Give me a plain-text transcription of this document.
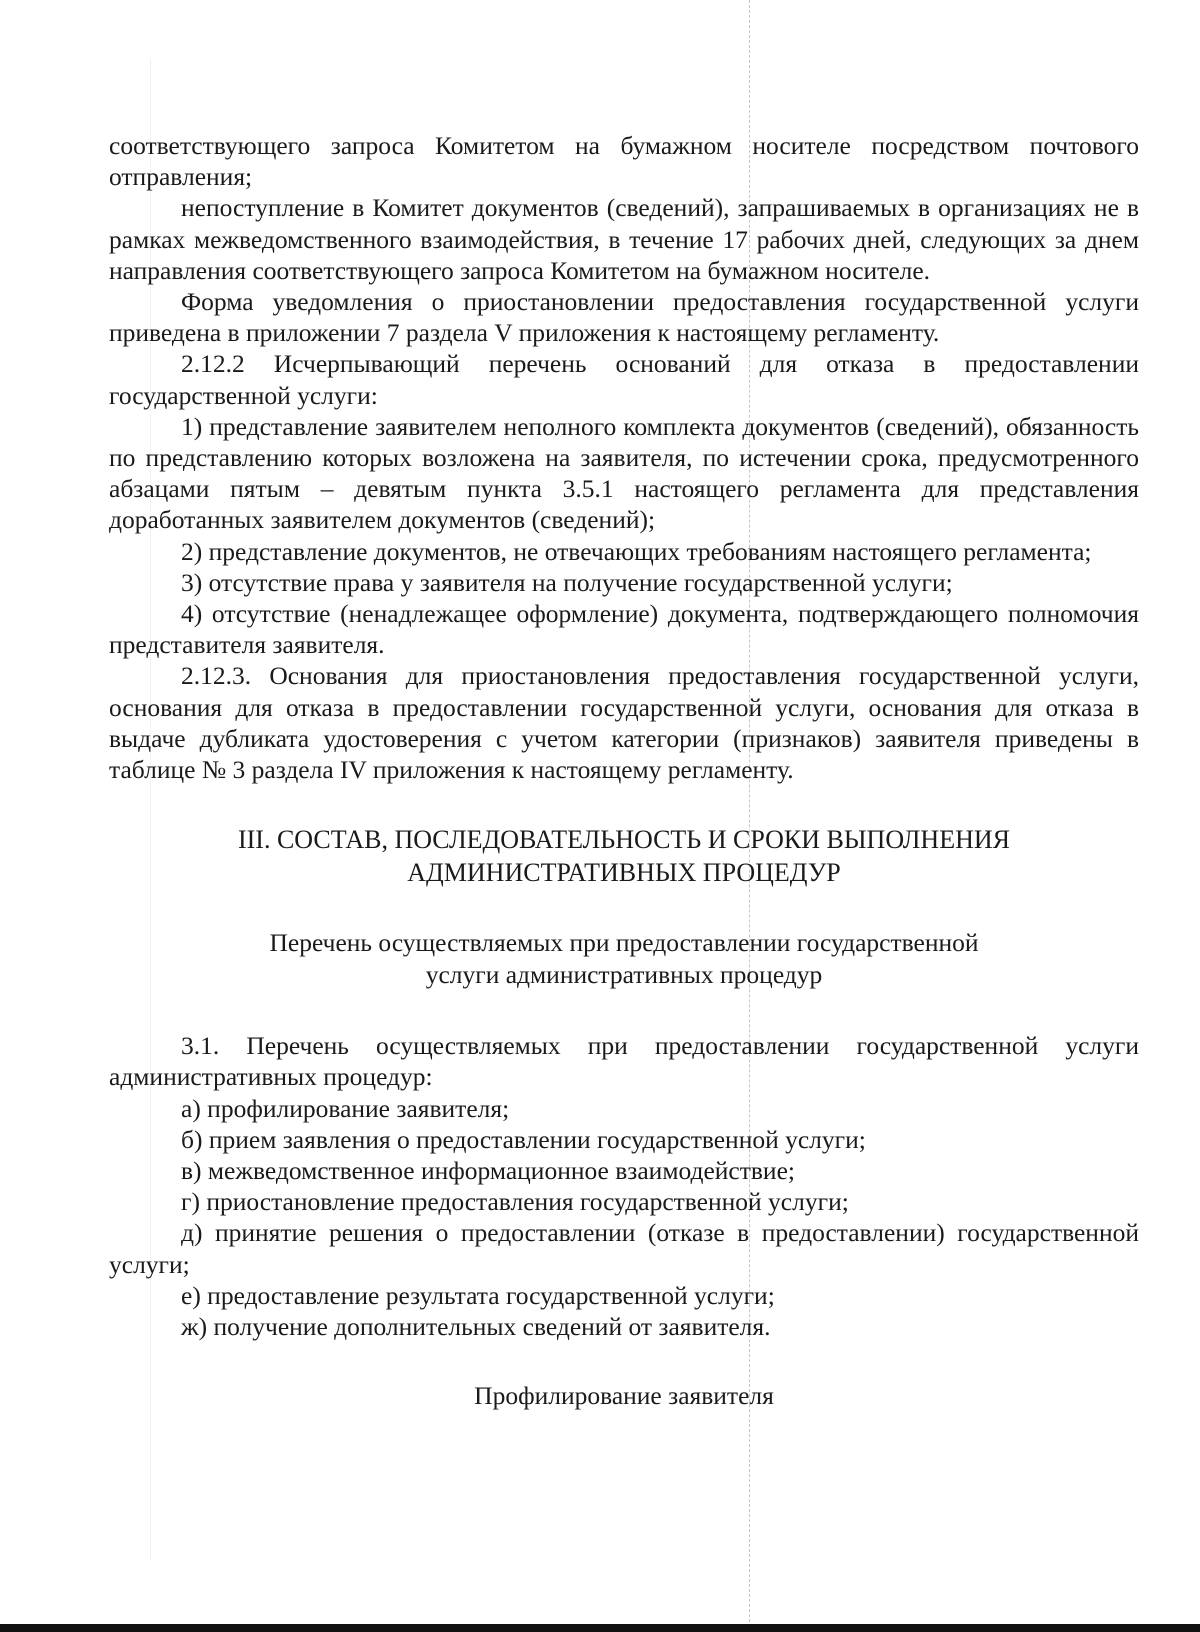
соответствующего запроса Комитетом на бумажном носителе посредством почтового отправления;

непоступление в Комитет документов (сведений), запрашиваемых в организациях не в рамках межведомственного взаимодействия, в течение 17 рабочих дней, следующих за днем направления соответствующего запроса Комитетом на бумажном носителе.

Форма уведомления о приостановлении предоставления государственной услуги приведена в приложении 7 раздела V приложения к настоящему регламенту.

2.12.2 Исчерпывающий перечень оснований для отказа в предоставлении государственной услуги:

1) представление заявителем неполного комплекта документов (сведений), обязанность по представлению которых возложена на заявителя, по истечении срока, предусмотренного абзацами пятым – девятым пункта 3.5.1 настоящего регламента для представления доработанных заявителем документов (сведений);

2) представление документов, не отвечающих требованиям настоящего регламента;

3) отсутствие права у заявителя на получение государственной услуги;

4) отсутствие (ненадлежащее оформление) документа, подтверждающего полномочия представителя заявителя.

2.12.3. Основания для приостановления предоставления государственной услуги, основания для отказа в предоставлении государственной услуги, основания для отказа в выдаче дубликата удостоверения с учетом категории (признаков) заявителя приведены в таблице № 3 раздела IV приложения к настоящему регламенту.

III. СОСТАВ, ПОСЛЕДОВАТЕЛЬНОСТЬ И СРОКИ ВЫПОЛНЕНИЯ
АДМИНИСТРАТИВНЫХ ПРОЦЕДУР
Перечень осуществляемых при предоставлении государственной
услуги административных процедур

3.1. Перечень осуществляемых при предоставлении государственной услуги административных процедур:

а) профилирование заявителя;

б) прием заявления о предоставлении государственной услуги;

в) межведомственное информационное взаимодействие;

г) приостановление предоставления государственной услуги;

д) принятие решения о предоставлении (отказе в предоставлении) государственной услуги;

е) предоставление результата государственной услуги;

ж) получение дополнительных сведений от заявителя.

Профилирование заявителя
